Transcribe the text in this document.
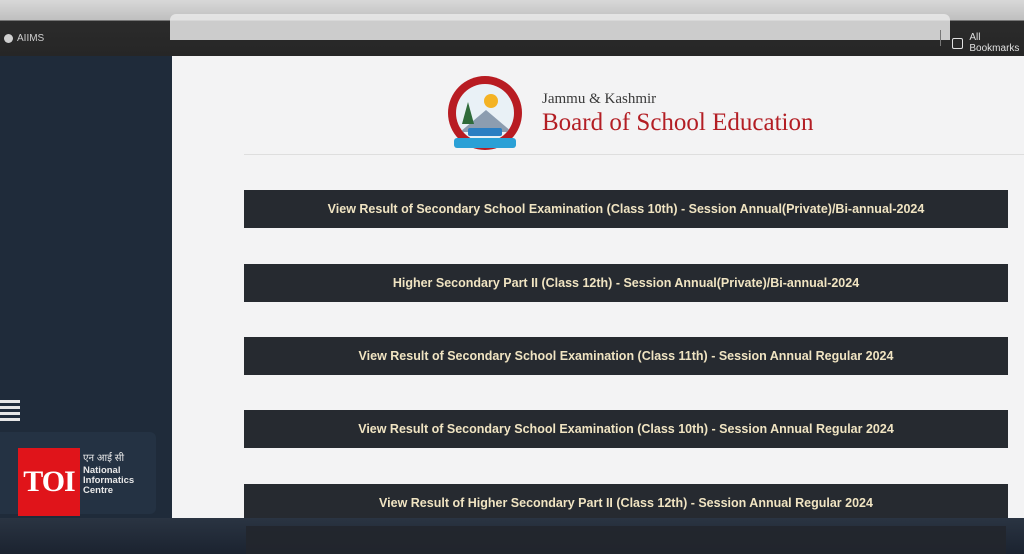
AIIMS	All Bookmarks
TOI
एन आई सी
National
Informatics
Centre
Jammu & Kashmir
Board of School Education
View Result of Secondary School Examination (Class 10th) - Session Annual(Private)/Bi-annual-2024
Higher Secondary Part II (Class 12th) - Session Annual(Private)/Bi-annual-2024
View Result of Secondary School Examination (Class 11th) - Session Annual Regular 2024
View Result of Secondary School Examination (Class 10th) - Session Annual Regular 2024
View Result of Higher Secondary Part II (Class 12th) - Session Annual Regular 2024
